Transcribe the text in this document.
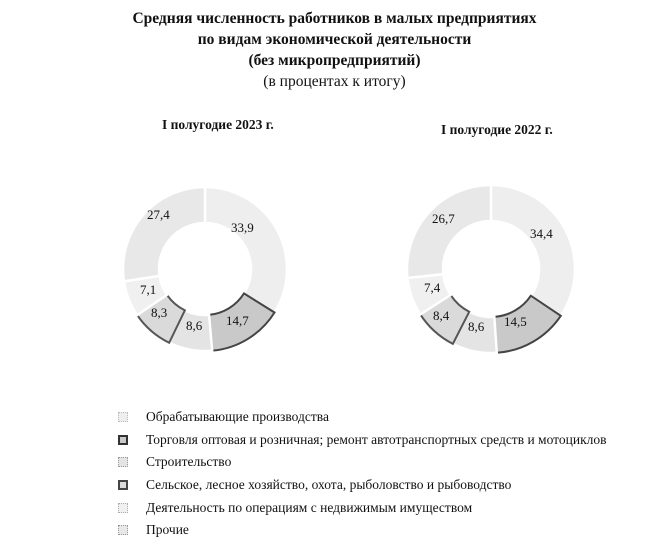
Средняя численность работников в малых предприятиях
по видам экономической деятельности
(без микропредприятий)
(в процентах к итогу)
I полугодие 2023 г.	I полугодие 2022 г.
33,9
14,7
8,6
8,3
7,1
27,4
34,4
14,5
8,6
8,4
7,4
26,7
Обрабатывающие производства
Торговля оптовая и розничная; ремонт автотранспортных средств и мотоциклов
Строительство
Сельское, лесное хозяйство, охота, рыболовство и рыбоводство
Деятельность по операциям с недвижимым имуществом
Прочие
